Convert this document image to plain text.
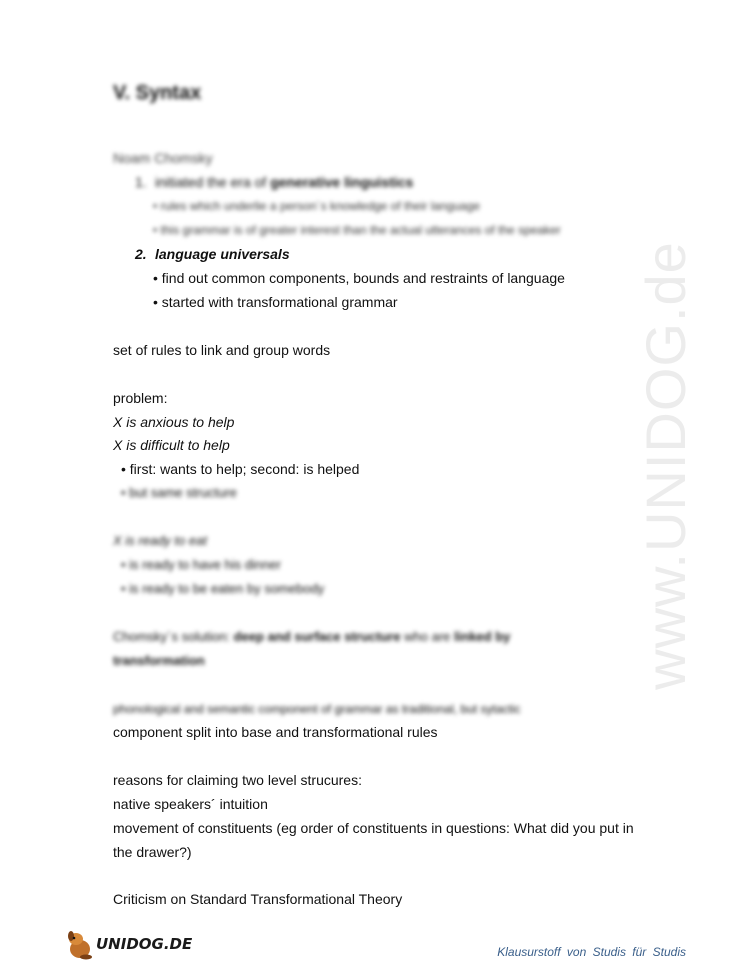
www.UNIDOG.de
V. Syntax
Noam Chomsky
1. initiated the era of generative linguistics
• rules which underlie a person´s knowledge of their language
• this grammar is of greater interest than the actual utterances of the speaker
2. language universals
• find out common components, bounds and restraints of language
• started with transformational grammar
set of rules to link and group words
problem:
X is anxious to help
X is difficult to help
• first: wants to help; second: is helped
• but same structure
X is ready to eat
• is ready to have his dinner
• is ready to be eaten by somebody
Chomsky´s solution: deep and surface structure who are linked by
transformation
phonological and semantic component of grammar as traditional, but sytactic
component split into base and transformational rules
reasons for claiming two level strucures:
native speakers´ intuition
movement of constituents (eg order of constituents in questions: What did you put in
the drawer?)
Criticism on Standard Transformational Theory
UNIDOG.DE	Klausurstoff von Studis für Studis
